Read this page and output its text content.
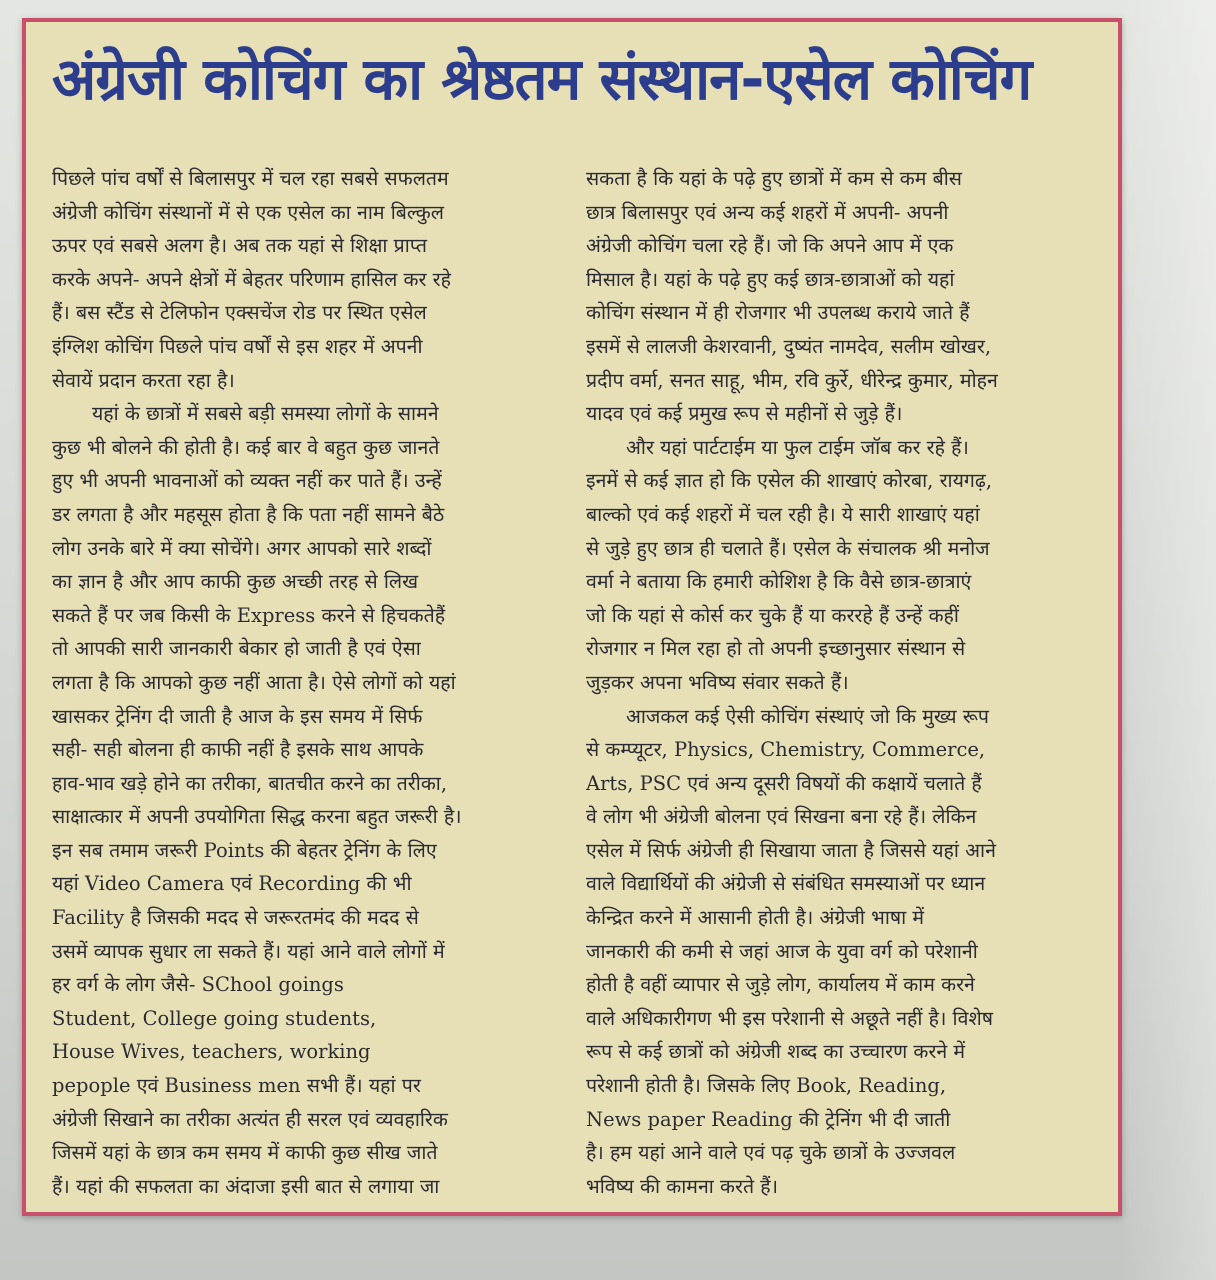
अंग्रेजी कोचिंग का श्रेष्ठतम संस्थान-एसेल कोचिंग
पिछले पांच वर्षों से बिलासपुर में चल रहा सबसे सफलतम
अंग्रेजी कोचिंग संस्थानों में से एक एसेल का नाम बिल्कुल
ऊपर एवं सबसे अलग है। अब तक यहां से शिक्षा प्राप्त
करके अपने- अपने क्षेत्रों में बेहतर परिणाम हासिल कर रहे
हैं। बस स्टैंड से टेलिफोन एक्सचेंज रोड पर स्थित एसेल
इंग्लिश कोचिंग पिछले पांच वर्षों से इस शहर में अपनी
सेवायें प्रदान करता रहा है।
यहां के छात्रों में सबसे बड़ी समस्या लोगों के सामने
कुछ भी बोलने की होती है। कई बार वे बहुत कुछ जानते
हुए भी अपनी भावनाओं को व्यक्त नहीं कर पाते हैं। उन्हें
डर लगता है और महसूस होता है कि पता नहीं सामने बैठे
लोग उनके बारे में क्या सोचेंगे। अगर आपको सारे शब्दों
का ज्ञान है और आप काफी कुछ अच्छी तरह से लिख
सकते हैं पर जब किसी के Express करने से हिचकतेहैं
तो आपकी सारी जानकारी बेकार हो जाती है एवं ऐसा
लगता है कि आपको कुछ नहीं आता है। ऐसे लोगों को यहां
खासकर ट्रेनिंग दी जाती है आज के इस समय में सिर्फ
सही- सही बोलना ही काफी नहीं है इसके साथ आपके
हाव-भाव खड़े होने का तरीका, बातचीत करने का तरीका,
साक्षात्कार में अपनी उपयोगिता सिद्ध करना बहुत जरूरी है।
इन सब तमाम जरूरी Points की बेहतर ट्रेनिंग के लिए
यहां Video Camera एवं Recording की भी
Facility है जिसकी मदद से जरूरतमंद की मदद से
उसमें व्यापक सुधार ला सकते हैं। यहां आने वाले लोगों में
हर वर्ग के लोग जैसे- SChool goings
Student, College going students,
House Wives, teachers, working
pepople एवं Business men सभी हैं। यहां पर
अंग्रेजी सिखाने का तरीका अत्यंत ही सरल एवं व्यवहारिक
जिसमें यहां के छात्र कम समय में काफी कुछ सीख जाते
हैं। यहां की सफलता का अंदाजा इसी बात से लगाया जा
सकता है कि यहां के पढ़े हुए छात्रों में कम से कम बीस
छात्र बिलासपुर एवं अन्य कई शहरों में अपनी- अपनी
अंग्रेजी कोचिंग चला रहे हैं। जो कि अपने आप में एक
मिसाल है। यहां के पढ़े हुए कई छात्र-छात्राओं को यहां
कोचिंग संस्थान में ही रोजगार भी उपलब्ध कराये जाते हैं
इसमें से लालजी केशरवानी, दुष्यंत नामदेव, सलीम खोखर,
प्रदीप वर्मा, सनत साहू, भीम, रवि कुर्रे, धीरेन्द्र कुमार, मोहन
यादव एवं कई प्रमुख रूप से महीनों से जुड़े हैं।
और यहां पार्टटाईम या फुल टाईम जॉब कर रहे हैं।
इनमें से कई ज्ञात हो कि एसेल की शाखाएं कोरबा, रायगढ़,
बाल्को एवं कई शहरों में चल रही है। ये सारी शाखाएं यहां
से जुड़े हुए छात्र ही चलाते हैं। एसेल के संचालक श्री मनोज
वर्मा ने बताया कि हमारी कोशिश है कि वैसे छात्र-छात्राएं
जो कि यहां से कोर्स कर चुके हैं या कररहे हैं उन्हें कहीं
रोजगार न मिल रहा हो तो अपनी इच्छानुसार संस्थान से
जुड़कर अपना भविष्य संवार सकते हैं।
आजकल कई ऐसी कोचिंग संस्थाएं जो कि मुख्य रूप
से कम्प्यूटर, Physics, Chemistry, Commerce,
Arts, PSC एवं अन्य दूसरी विषयों की कक्षायें चलाते हैं
वे लोग भी अंग्रेजी बोलना एवं सिखना बना रहे हैं। लेकिन
एसेल में सिर्फ अंग्रेजी ही सिखाया जाता है जिससे यहां आने
वाले विद्यार्थियों की अंग्रेजी से संबंधित समस्याओं पर ध्यान
केन्द्रित करने में आसानी होती है। अंग्रेजी भाषा में
जानकारी की कमी से जहां आज के युवा वर्ग को परेशानी
होती है वहीं व्यापार से जुड़े लोग, कार्यालय में काम करने
वाले अधिकारीगण भी इस परेशानी से अछूते नहीं है। विशेष
रूप से कई छात्रों को अंग्रेजी शब्द का उच्चारण करने में
परेशानी होती है। जिसके लिए Book, Reading,
News paper Reading की ट्रेनिंग भी दी जाती
है। हम यहां आने वाले एवं पढ़ चुके छात्रों के उज्जवल
भविष्य की कामना करते हैं।
